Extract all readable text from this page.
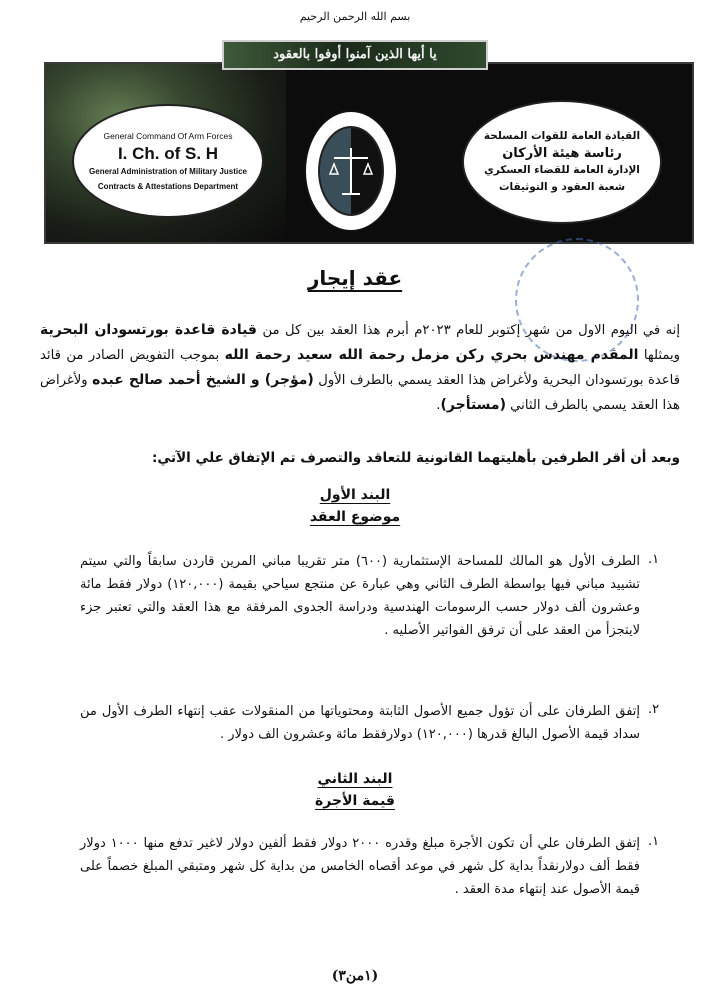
بسم الله الرحمن الرحيم
يا أيها الذين آمنوا أوفوا بالعقود
General Command Of Arm Forces
I. Ch. of S. H
General Administration of Military Justice
Contracts & Attestations Department
القيادة العامة للقوات المسلحة
رئاسة هيئة الأركان
الإدارة العامة للقضاء العسكري
شعبة العقود و التوثيقات
عقد إيجار
إنه في اليوم الاول من شهر إكتوبر للعام ٢٠٢٣م أبرم هذا العقد بين كل من قيادة قاعدة بورتسودان البحرية ويمثلها المقدم مهندس بحري ركن مزمل رحمة الله سعيد رحمة الله بموجب التفويض الصادر من قائد قاعدة بورتسودان البحرية ولأغراض هذا العقد يسمي بالطرف الأول (مؤجر) و الشيخ أحمد صالح عبده ولأغراض هذا العقد يسمي بالطرف الثاني (مستأجر).
وبعد أن أقر الطرفين بأهليتهما القانونية للتعاقد والتصرف تم الإتفاق علي الآتي:
البند الأول
موضوع العقد
١.
الطرف الأول هو المالك للمساحة الإستثمارية (٦٠٠) متر تقريبا مباني المرين قاردن سابقاً والتي سيتم تشييد مباني فيها بواسطة الطرف الثاني وهي عبارة عن منتجع سياحي بقيمة (١٢٠,٠٠٠) دولار فقط مائة وعشرون ألف دولار حسب الرسومات الهندسية ودراسة الجدوى المرفقة مع هذا العقد والتي تعتبر جزء لايتجزأ من العقد على أن ترفق الفواتير الأصليه .
٢.
إتفق الطرفان على أن تؤول جميع الأصول الثابتة ومحتوياتها من المنقولات عقب إنتهاء الطرف الأول من سداد قيمة الأصول البالغ قدرها (١٢٠,٠٠٠) دولارفقط مائة وعشرون الف دولار .
البند الثاني
قيمة الأجرة
١.
إتفق الطرفان علي أن تكون الأجرة مبلغ وقدره ٢٠٠٠ دولار فقط ألفين دولار لاغير تدفع منها ١٠٠٠ دولار فقط ألف دولارنقداً بداية كل شهر في موعد أقصاه الخامس من بداية كل شهر ومتبقي المبلغ خصماً على قيمة الأصول عند إنتهاء مدة العقد .
(١من٣)
